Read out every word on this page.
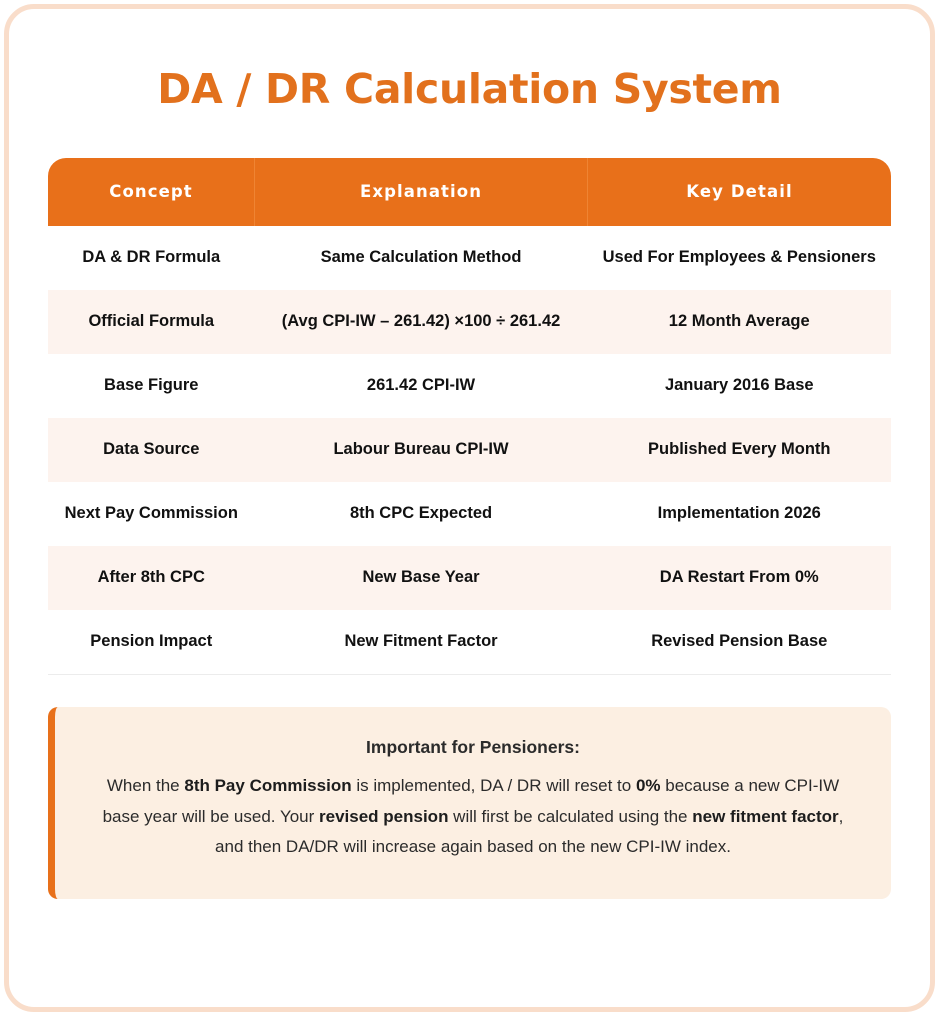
DA / DR Calculation System
Concept	Explanation	Key Detail
DA & DR Formula	Same Calculation Method	Used For Employees & Pensioners
Official Formula	(Avg CPI-IW – 261.42) ×100 ÷ 261.42	12 Month Average
Base Figure	261.42 CPI-IW	January 2016 Base
Data Source	Labour Bureau CPI-IW	Published Every Month
Next Pay Commission	8th CPC Expected	Implementation 2026
After 8th CPC	New Base Year	DA Restart From 0%
Pension Impact	New Fitment Factor	Revised Pension Base
Important for Pensioners:
When the 8th Pay Commission is implemented, DA / DR will reset to 0% because a new CPI-IW base year will be used. Your revised pension will first be calculated using the new fitment factor, and then DA/DR will increase again based on the new CPI-IW index.
